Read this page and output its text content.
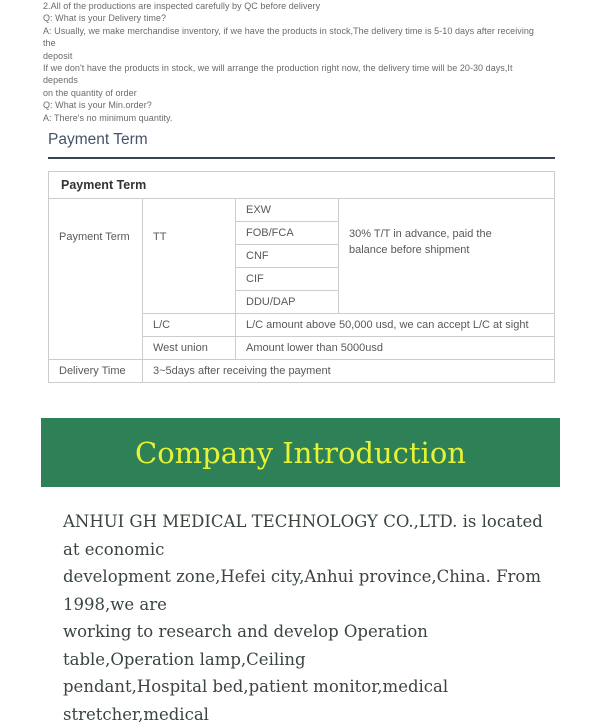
2.All of the productions are inspected carefully by QC before delivery
Q: What is your Delivery time?
A: Usually, we make merchandise inventory, if we have the products in stock,The delivery time is 5-10 days after receiving
the
deposit
If we don't have the products in stock, we will arrange the production right now, the delivery time will be 20-30 days,It
depends
on the quantity of order
Q: What is your Min.order?
A: There's no minimum quantity.
Payment Term
Payment Term			
Payment Term	TT	EXW	30% T/T in advance, paid the balance before shipment
		FOB/FCA	
		CNF	
		CIF	
		DDU/DAP	
	L/C	L/C amount above 50,000 usd, we can accept L/C at sight	
	West union	Amount lower than 5000usd	
Delivery Time	3~5days after receiving the payment		
Company Introduction
ANHUI GH MEDICAL TECHNOLOGY CO.,LTD. is located at economic
development zone,Hefei city,Anhui province,China. From 1998,we are
working to research and develop Operation table,Operation lamp,Ceiling
pendant,Hospital bed,patient monitor,medical stretcher,medical
